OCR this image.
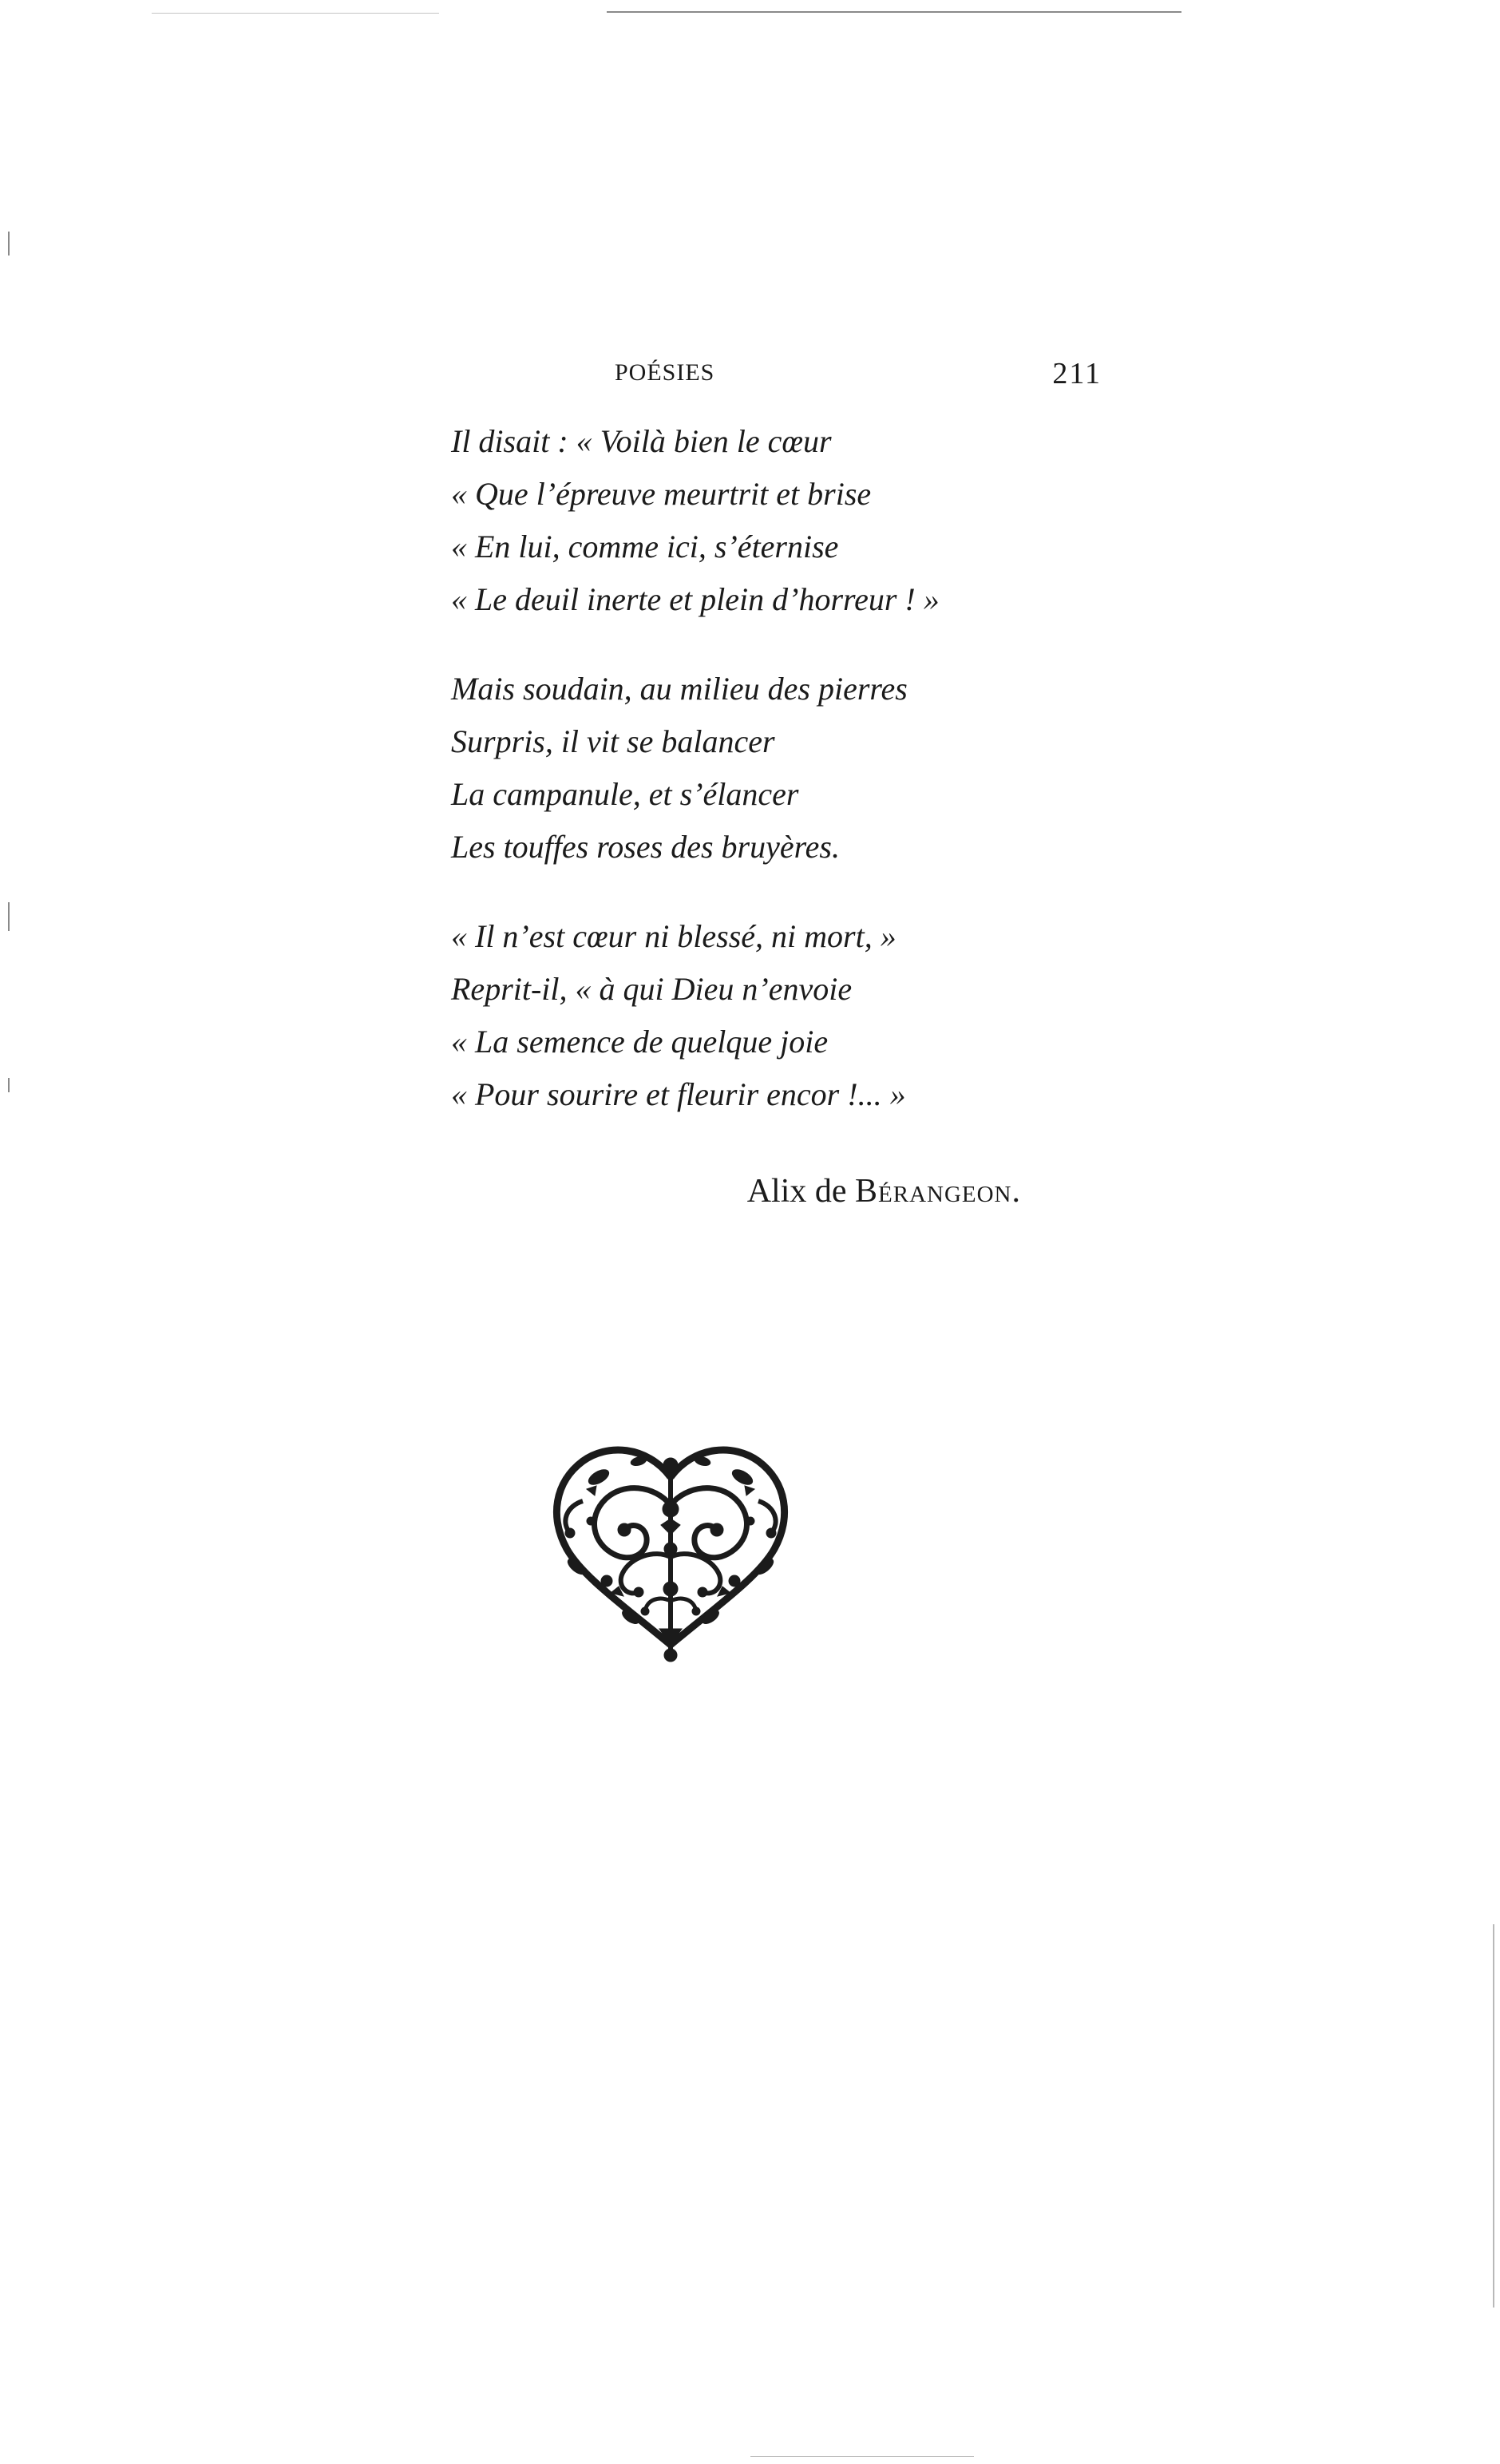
POÉSIES	211
Il disait : « Voilà bien le cœur
« Que l’épreuve meurtrit et brise
« En lui, comme ici, s’éternise
« Le deuil inerte et plein d’horreur ! »
Mais soudain, au milieu des pierres
Surpris, il vit se balancer
La campanule, et s’élancer
Les touffes roses des bruyères.
« Il n’est cœur ni blessé, ni mort, »
Reprit-il, « à qui Dieu n’envoie
« La semence de quelque joie
« Pour sourire et fleurir encor !... »
Alix de Bérangeon.
